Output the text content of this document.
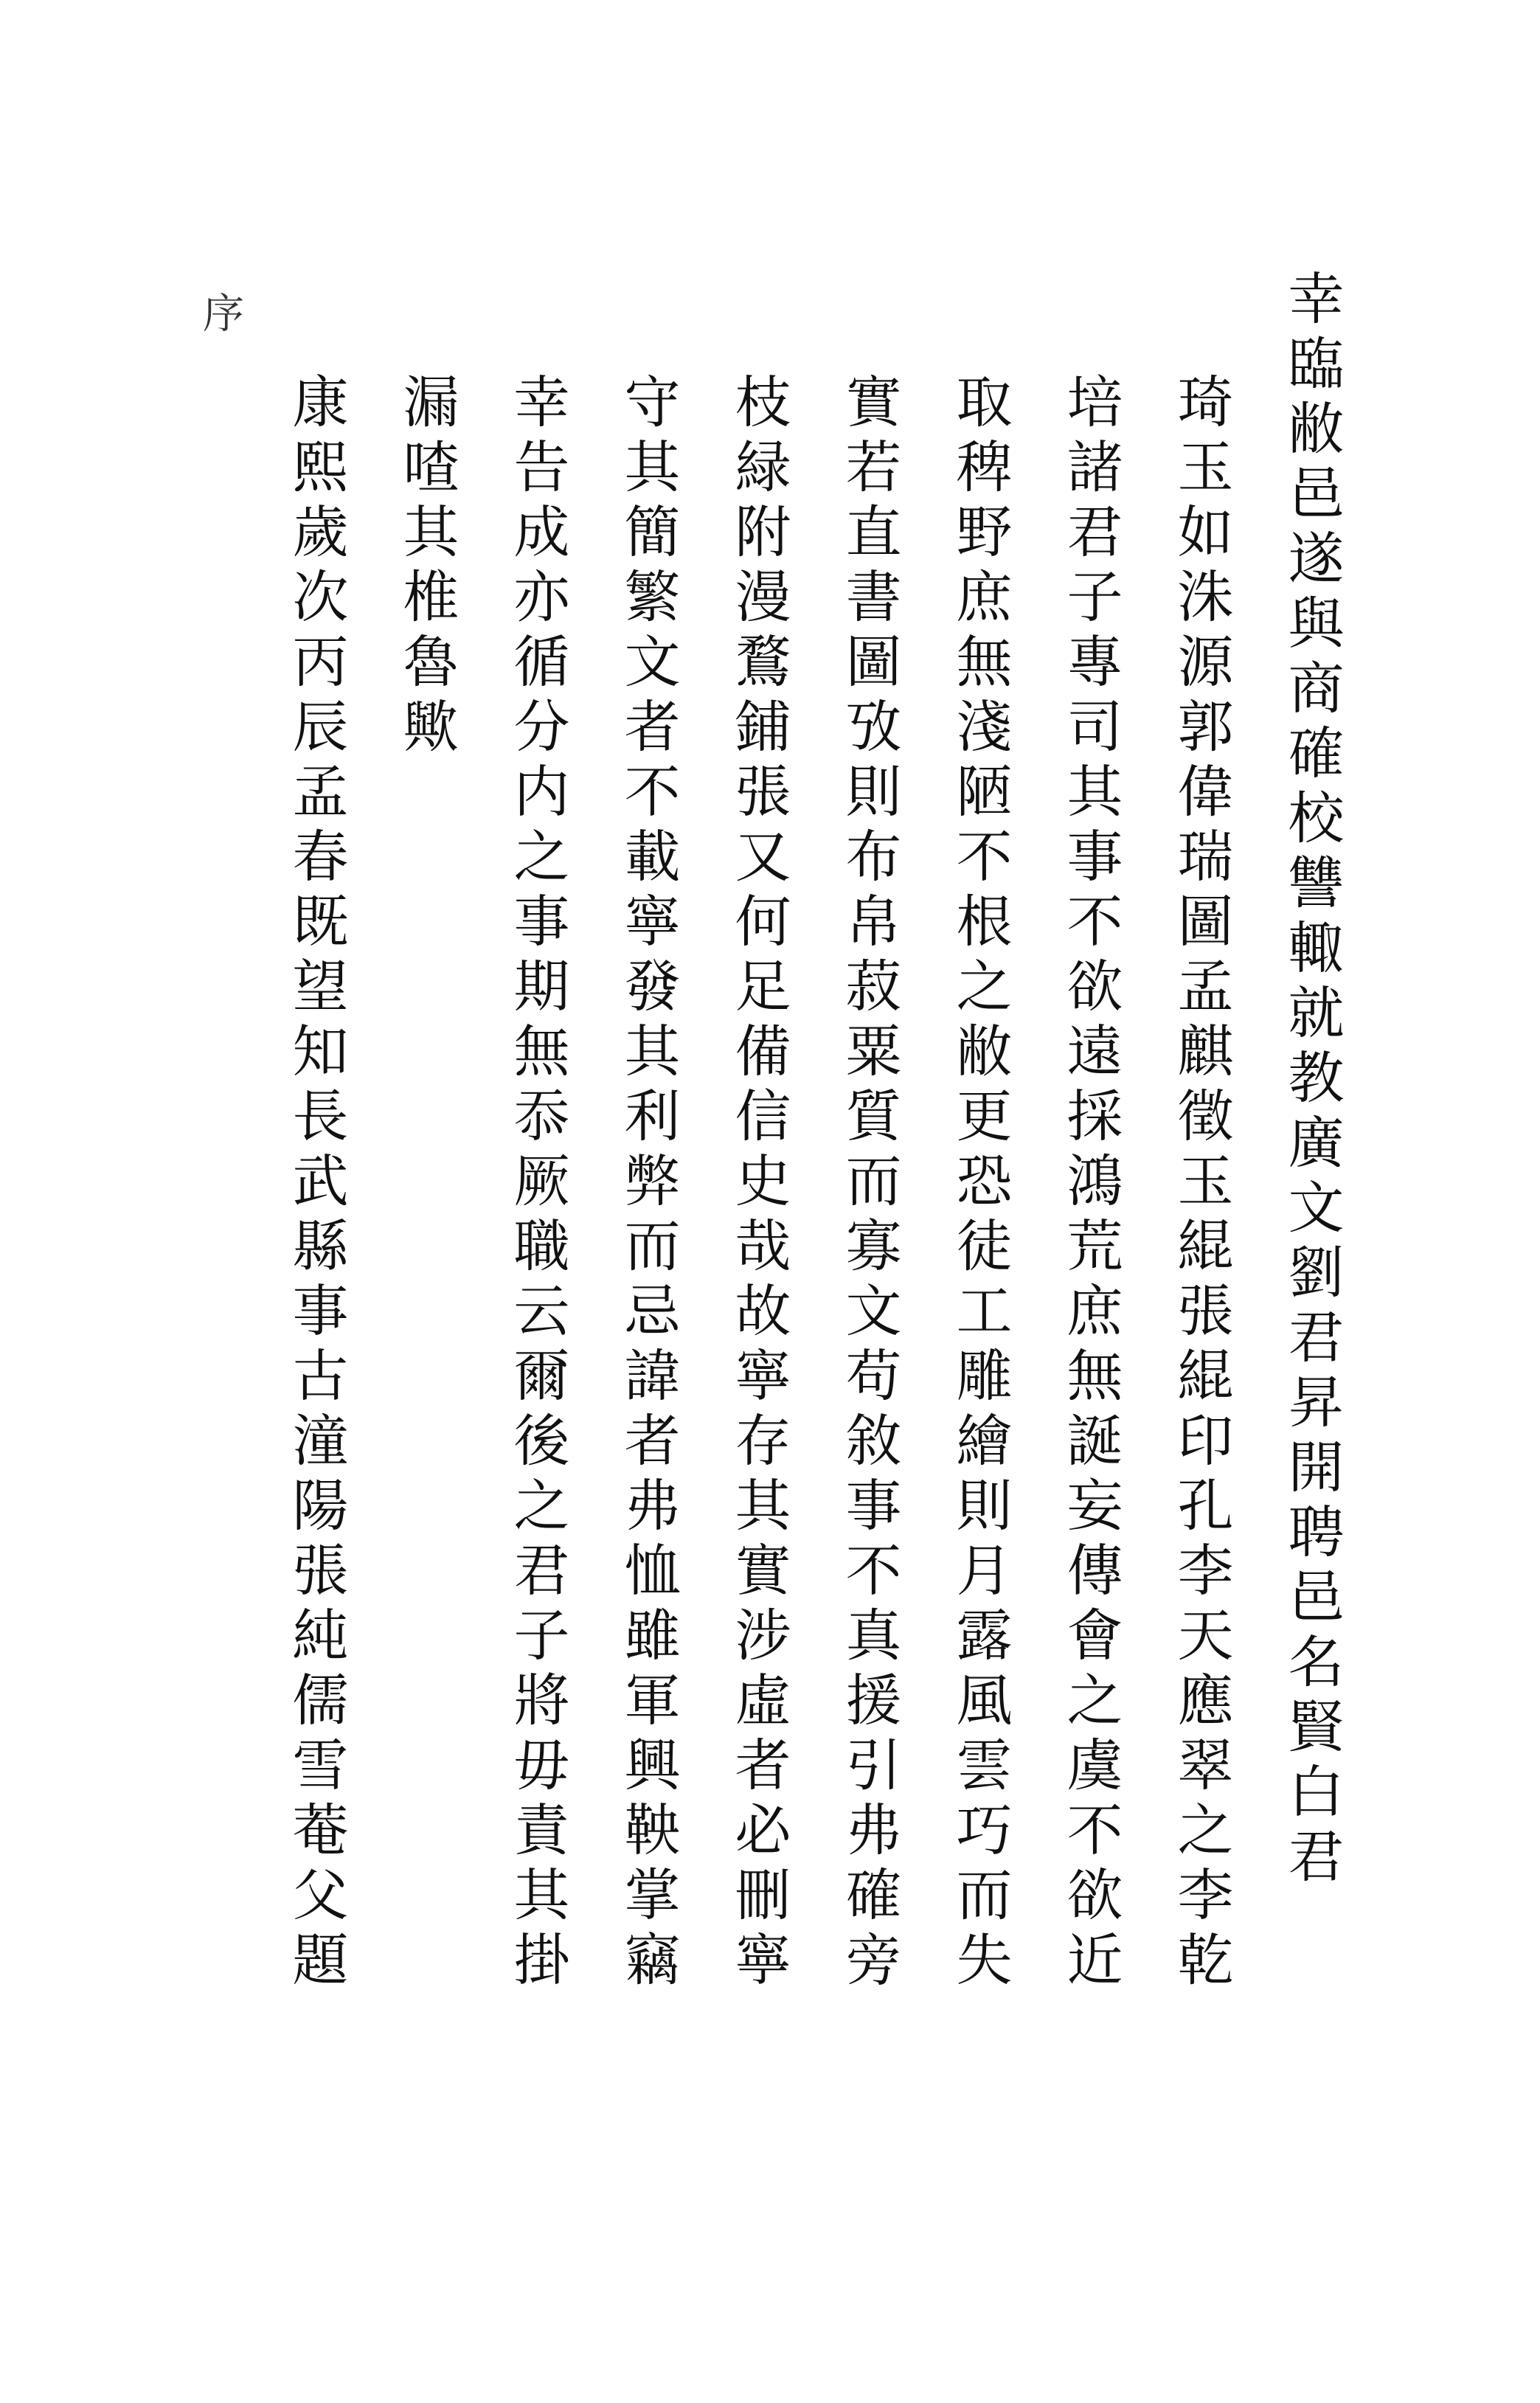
幸臨敝邑遂與商確校讐輙就教廣文劉君昇開聘邑名賢白君
琦玉如洙源郭偉瑞圖孟麒徵玉緄張緄印孔李天應翠之李乾
培諸君子專司其事不欲遠採鴻荒庶無誕妄傳會之虞不欲近
取稗野庶無淺陋不根之敝更恐徒工雕繪則月露風雲巧而失
實若直書圖攷則布帛菽粟質而寡文苟敘事不真援引弗確旁
枝緑附漫鶩鋪張又何足備信史哉故寧存其實涉虛者必刪寧
守其簡繁文者不載寧發其利弊而忌諱者弗恤雖軍興鞅掌竊
幸告成亦循分内之事期無忝厥職云爾後之君子將毋責其掛
漏喳其椎魯歟
康熙歲次丙辰孟春既望知長武縣事古潼陽張純儒雪菴父題
序
